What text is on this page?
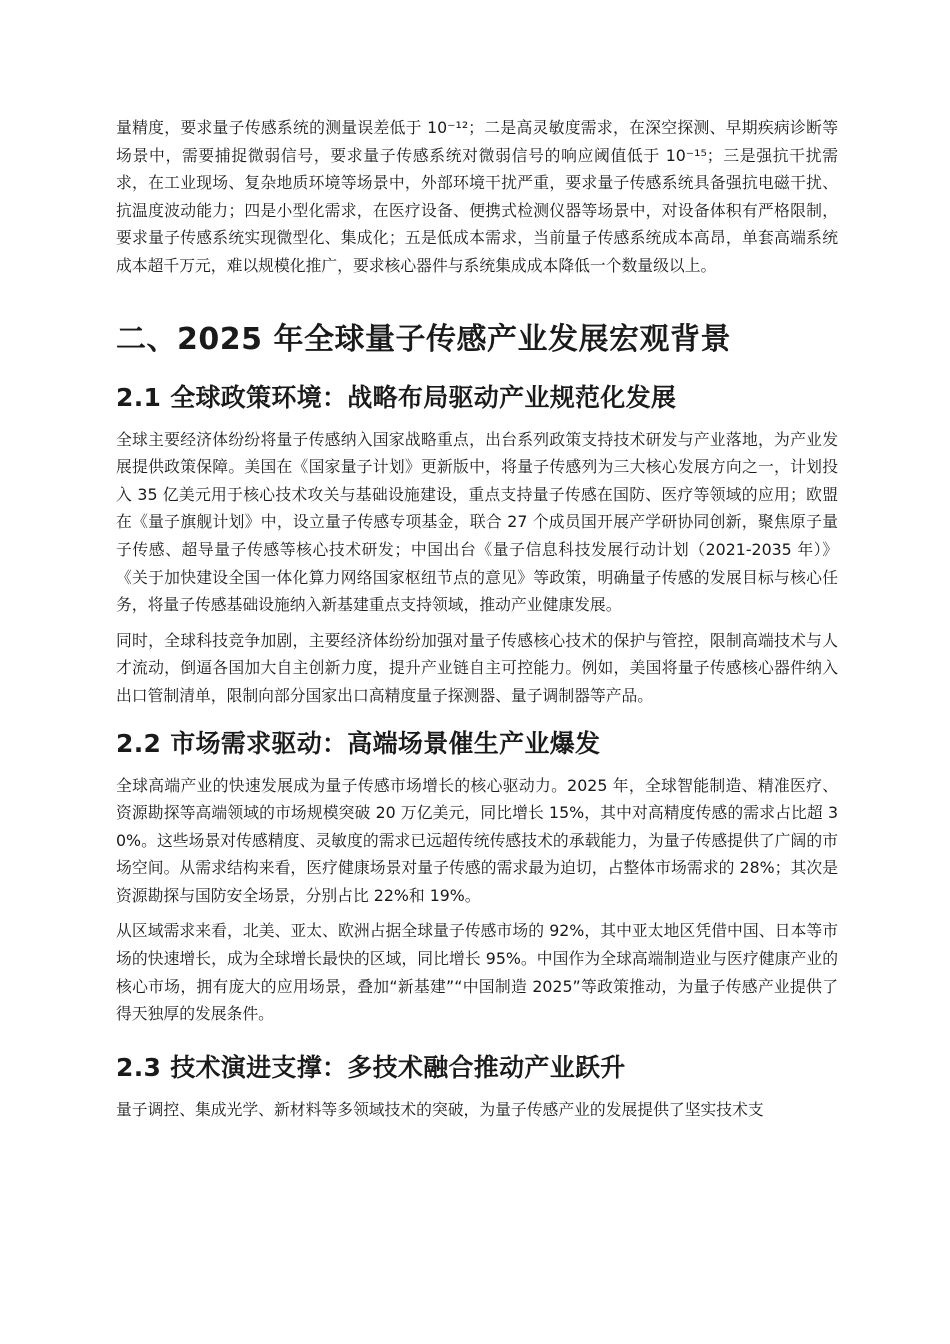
量精度，要求量子传感系统的测量误差低于 10⁻¹²；二是高灵敏度需求，在深空探测、早期疾病诊断等场景中，需要捕捉微弱信号，要求量子传感系统对微弱信号的响应阈值低于 10⁻¹⁵；三是强抗干扰需求，在工业现场、复杂地质环境等场景中，外部环境干扰严重，要求量子传感系统具备强抗电磁干扰、抗温度波动能力；四是小型化需求，在医疗设备、便携式检测仪器等场景中，对设备体积有严格限制，要求量子传感系统实现微型化、集成化；五是低成本需求，当前量子传感系统成本高昂，单套高端系统成本超千万元，难以规模化推广，要求核心器件与系统集成成本降低一个数量级以上。

二、2025 年全球量子传感产业发展宏观背景
2.1 全球政策环境：战略布局驱动产业规范化发展

全球主要经济体纷纷将量子传感纳入国家战略重点，出台系列政策支持技术研发与产业落地，为产业发展提供政策保障。美国在《国家量子计划》更新版中，将量子传感列为三大核心发展方向之一，计划投入 35 亿美元用于核心技术攻关与基础设施建设，重点支持量子传感在国防、医疗等领域的应用；欧盟在《量子旗舰计划》中，设立量子传感专项基金，联合 27 个成员国开展产学研协同创新，聚焦原子量子传感、超导量子传感等核心技术研发；中国出台《量子信息科技发展行动计划（2021-2035 年）》《关于加快建设全国一体化算力网络国家枢纽节点的意见》等政策，明确量子传感的发展目标与核心任务，将量子传感基础设施纳入新基建重点支持领域，推动产业健康发展。

同时，全球科技竞争加剧，主要经济体纷纷加强对量子传感核心技术的保护与管控，限制高端技术与人才流动，倒逼各国加大自主创新力度，提升产业链自主可控能力。例如，美国将量子传感核心器件纳入出口管制清单，限制向部分国家出口高精度量子探测器、量子调制器等产品。

2.2 市场需求驱动：高端场景催生产业爆发

全球高端产业的快速发展成为量子传感市场增长的核心驱动力。2025 年，全球智能制造、精准医疗、资源勘探等高端领域的市场规模突破 20 万亿美元，同比增长 15%，其中对高精度传感的需求占比超 30%。这些场景对传感精度、灵敏度的需求已远超传统传感技术的承载能力，为量子传感提供了广阔的市场空间。从需求结构来看，医疗健康场景对量子传感的需求最为迫切，占整体市场需求的 28%；其次是资源勘探与国防安全场景，分别占比 22%和 19%。

从区域需求来看，北美、亚太、欧洲占据全球量子传感市场的 92%，其中亚太地区凭借中国、日本等市场的快速增长，成为全球增长最快的区域，同比增长 95%。中国作为全球高端制造业与医疗健康产业的核心市场，拥有庞大的应用场景，叠加“新基建”“中国制造 2025”等政策推动，为量子传感产业提供了得天独厚的发展条件。

2.3 技术演进支撑：多技术融合推动产业跃升

量子调控、集成光学、新材料等多领域技术的突破，为量子传感产业的发展提供了坚实技术支
